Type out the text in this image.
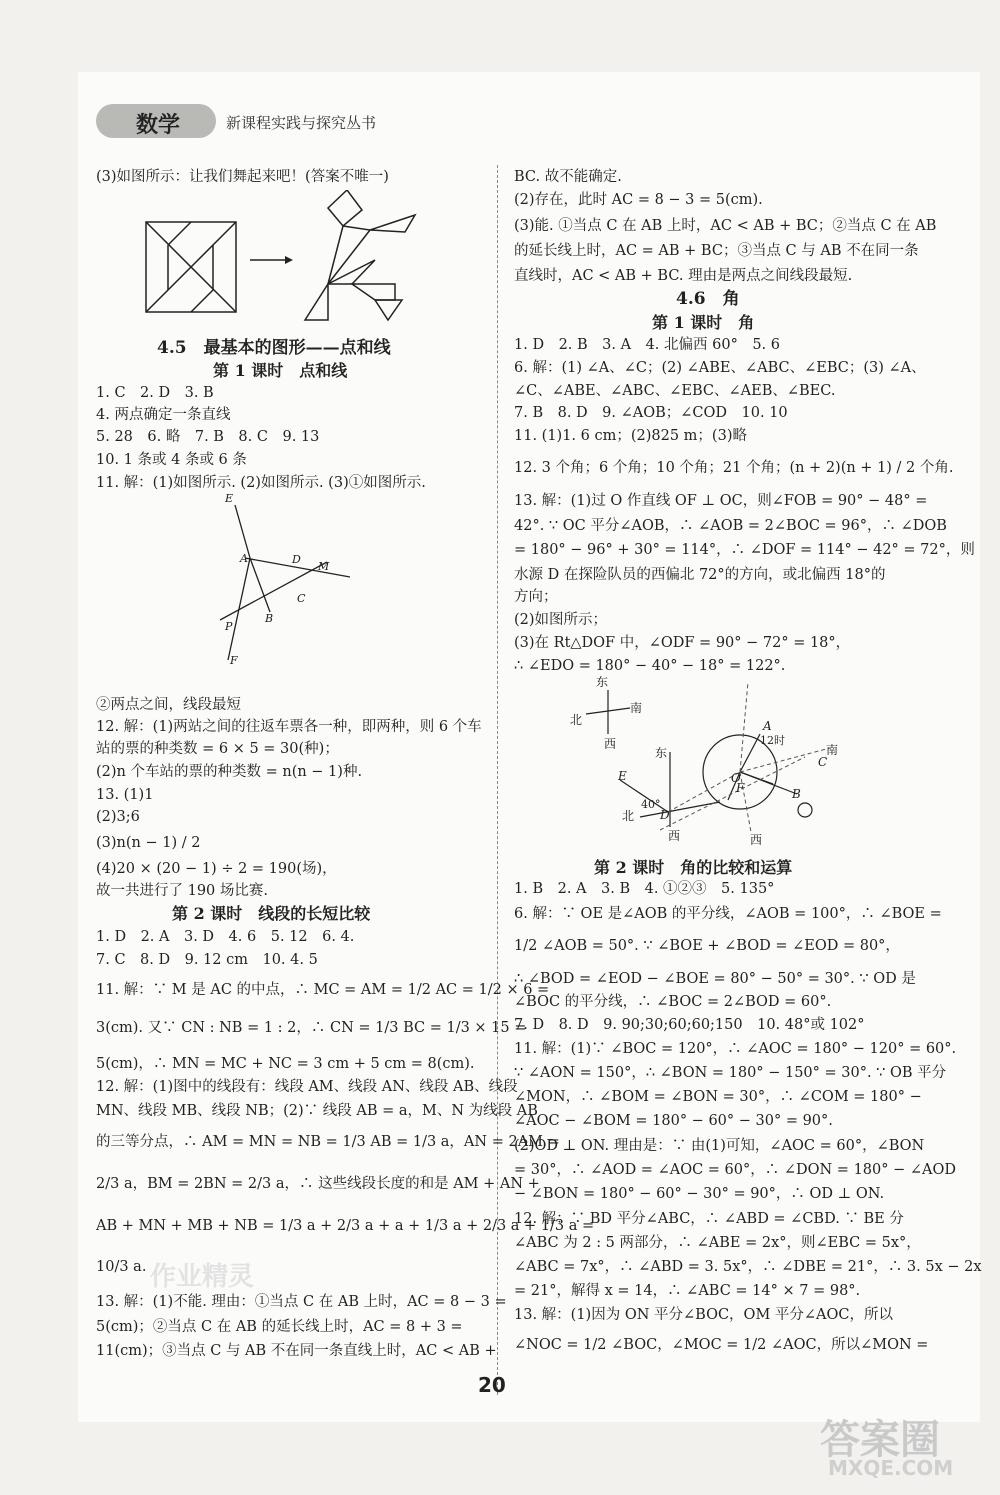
数学	新课程实践与探究丛书
(3)如图所示：让我们舞起来吧！(答案不唯一)
4.5　最基本的图形——点和线
第 1 课时　点和线
1. C　2. D　3. B
4. 两点确定一条直线
5. 28　6. 略　7. B　8. C　9. 13
10. 1 条或 4 条或 6 条
11. 解：(1)如图所示. (2)如图所示. (3)①如图所示.
②两点之间，线段最短
12. 解：(1)两站之间的往返车票各一种，即两种，则 6 个车
站的票的种类数 = 6 × 5 = 30(种)；
(2)n 个车站的票的种类数 = n(n − 1)种.
13. (1)1
(2)3;6
(3)n(n − 1) / 2
(4)20 × (20 − 1) ÷ 2 = 190(场)，
故一共进行了 190 场比赛.
第 2 课时　线段的长短比较
1. D　2. A　3. D　4. 6　5. 12　6. 4.
7. C　8. D　9. 12 cm　10. 4. 5
11. 解：∵ M 是 AC 的中点，∴ MC = AM = 1/2 AC = 1/2 × 6 =
3(cm). 又∵ CN : NB = 1 : 2，∴ CN = 1/3 BC = 1/3 × 15 =
5(cm)，∴ MN = MC + NC = 3 cm + 5 cm = 8(cm).
12. 解：(1)图中的线段有：线段 AM、线段 AN、线段 AB、线段
MN、线段 MB、线段 NB；(2)∵ 线段 AB = a，M、N 为线段 AB
的三等分点，∴ AM = MN = NB = 1/3 AB = 1/3 a，AN = 2AM =
2/3 a，BM = 2BN = 2/3 a，∴ 这些线段长度的和是 AM + AN +
AB + MN + MB + NB = 1/3 a + 2/3 a + a + 1/3 a + 2/3 a + 1/3 a =
10/3 a.
13. 解：(1)不能. 理由：①当点 C 在 AB 上时，AC = 8 − 3 =
5(cm)；②当点 C 在 AB 的延长线上时，AC = 8 + 3 =
11(cm)；③当点 C 与 AB 不在同一条直线上时，AC < AB +
E
A	D
M
C
B
P
F
BC. 故不能确定.
(2)存在，此时 AC = 8 − 3 = 5(cm).
(3)能. ①当点 C 在 AB 上时，AC < AB + BC；②当点 C 在 AB
的延长线上时，AC = AB + BC；③当点 C 与 AB 不在同一条
直线时，AC < AB + BC. 理由是两点之间线段最短.
4.6　角
第 1 课时　角
1. D　2. B　3. A　4. 北偏西 60°　5. 6
6. 解：(1) ∠A、∠C；(2) ∠ABE、∠ABC、∠EBC；(3) ∠A、
∠C、∠ABE、∠ABC、∠EBC、∠AEB、∠BEC.
7. B　8. D　9. ∠AOB；∠COD　10. 10
11. (1)1. 6 cm；(2)825 m；(3)略
12. 3 个角；6 个角；10 个角；21 个角；(n + 2)(n + 1) / 2 个角.
13. 解：(1)过 O 作直线 OF ⊥ OC，则∠FOB = 90° − 48° =
42°. ∵ OC 平分∠AOB，∴ ∠AOB = 2∠BOC = 96°，∴ ∠DOB
= 180° − 96° + 30° = 114°，∴ ∠DOF = 114° − 42° = 72°，则
水源 D 在探险队员的西偏北 72°的方向，或北偏西 18°的
方向；
(2)如图所示；
(3)在 Rt△DOF 中，∠ODF = 90° − 72° = 18°，
∴ ∠EDO = 180° − 40° − 18° = 122°.
第 2 课时　角的比较和运算
1. B　2. A　3. B　4. ①②③　5. 135°
6. 解：∵ OE 是∠AOB 的平分线，∠AOB = 100°，∴ ∠BOE =
1/2 ∠AOB = 50°. ∵ ∠BOE + ∠BOD = ∠EOD = 80°，
∴ ∠BOD = ∠EOD − ∠BOE = 80° − 50° = 30°. ∵ OD 是
∠BOC 的平分线，∴ ∠BOC = 2∠BOD = 60°.
7. D　8. D　9. 90;30;60;60;150　10. 48°或 102°
11. 解：(1)∵ ∠BOC = 120°，∴ ∠AOC = 180° − 120° = 60°.
∵ ∠AON = 150°，∴ ∠BON = 180° − 150° = 30°. ∵ OB 平分
∠MON，∴ ∠BOM = ∠BON = 30°，∴ ∠COM = 180° −
∠AOC − ∠BOM = 180° − 60° − 30° = 90°.
(2)OD ⊥ ON. 理由是：∵ 由(1)可知，∠AOC = 60°，∠BON
= 30°，∴ ∠AOD = ∠AOC = 60°，∴ ∠DON = 180° − ∠AOD
− ∠BON = 180° − 60° − 30° = 90°，∴ OD ⊥ ON.
12. 解：∵ BD 平分∠ABC，∴ ∠ABD = ∠CBD. ∵ BE 分
∠ABC 为 2 : 5 两部分，∴ ∠ABE = 2x°，则∠EBC = 5x°，
∠ABC = 7x°，∴ ∠ABD = 3. 5x°，∴ ∠DBE = 21°，∴ 3. 5x − 2x
= 21°，解得 x = 14，∴ ∠ABC = 14° × 7 = 98°.
13. 解：(1)因为 ON 平分∠BOC，OM 平分∠AOC，所以
∠NOC = 1/2 ∠BOC，∠MOC = 1/2 ∠AOC，所以∠MON =
东
南
北
西
A
12时
东	南
C
E	O
F	B
40°
北 D
西	西
20
答案圈
MXQE.COM
作业精灵
